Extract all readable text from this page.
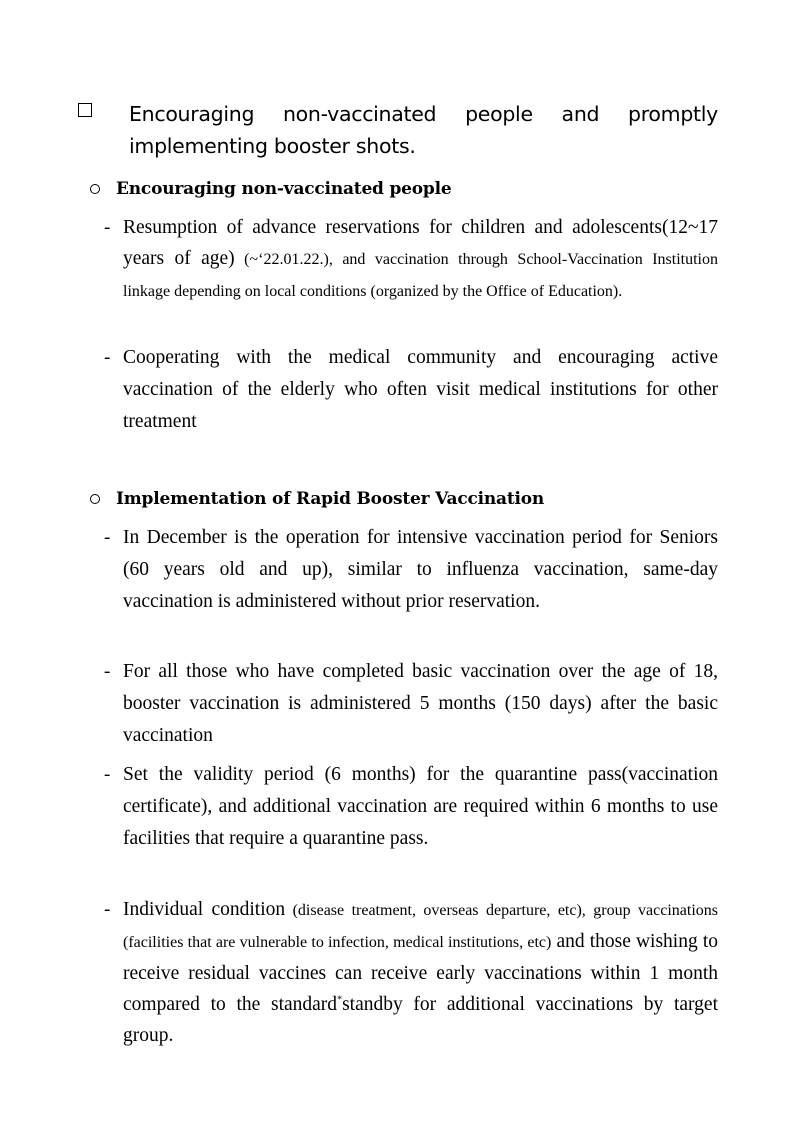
Encouraging non-vaccinated people and promptly
implementing booster shots.
Encouraging non-vaccinated people
- Resumption of advance reservations for children and adolescents(12~17 years of age) (~‘22.01.22.), and vaccination through School-Vaccination Institution linkage depending on local conditions (organized by the Office of Education).
- Cooperating with the medical community and encouraging active vaccination of the elderly who often visit medical institutions for other treatment
Implementation of Rapid Booster Vaccination
- In December is the operation for intensive vaccination period for Seniors (60 years old and up), similar to influenza vaccination, same-day vaccination is administered without prior reservation.
- For all those who have completed basic vaccination over the age of 18, booster vaccination is administered 5 months (150 days) after the basic vaccination
- Set the validity period (6 months) for the quarantine pass(vaccination certificate), and additional vaccination are required within 6 months to use facilities that require a quarantine pass.
- Individual condition (disease treatment, overseas departure, etc), group vaccinations (facilities that are vulnerable to infection, medical institutions, etc) and those wishing to receive residual vaccines can receive early vaccinations within 1 month compared to the standard*standby for additional vaccinations by target group.
